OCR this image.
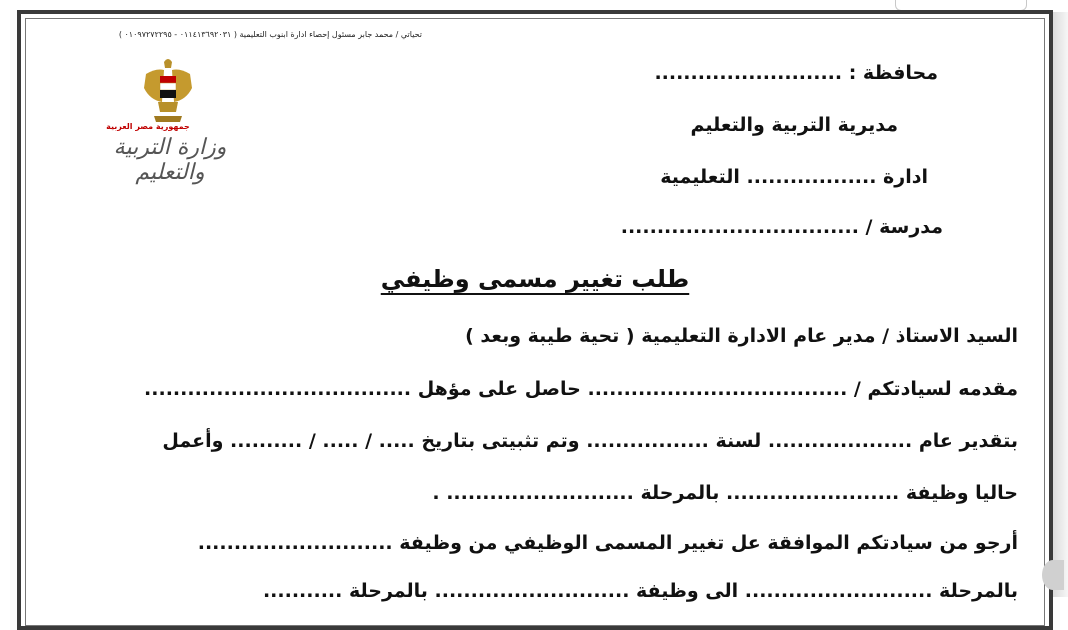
تحياتي / محمد جابر مسئول إحصاء ادارة ابنوب التعليمية ( ٠١١٤١٣٦٩٢٠٣١ - ٠١٠٩٧٢٧٢٢٩٥ )
جمهورية مصر العربية
وزارة التربية والتعليم
محافظة : ..........................
مديرية التربية والتعليم
ادارة .................. التعليمية
مدرسة / .................................
طلب تغيير مسمى وظيفي
السيد الاستاذ / مدير عام الادارة التعليمية ( تحية طيبة وبعد )
مقدمه لسيادتكم / .................................... حاصل على مؤهل .....................................
بتقدير عام .................... لسنة ................. وتم تثبيتى بتاريخ ..... / ..... / .......... وأعمل
حاليا وظيفة ........................ بالمرحلة .......................... .
أرجو من سيادتكم الموافقة عل تغيير المسمى الوظيفي من وظيفة ...........................
بالمرحلة .......................... الى وظيفة ........................... بالمرحلة ...........
